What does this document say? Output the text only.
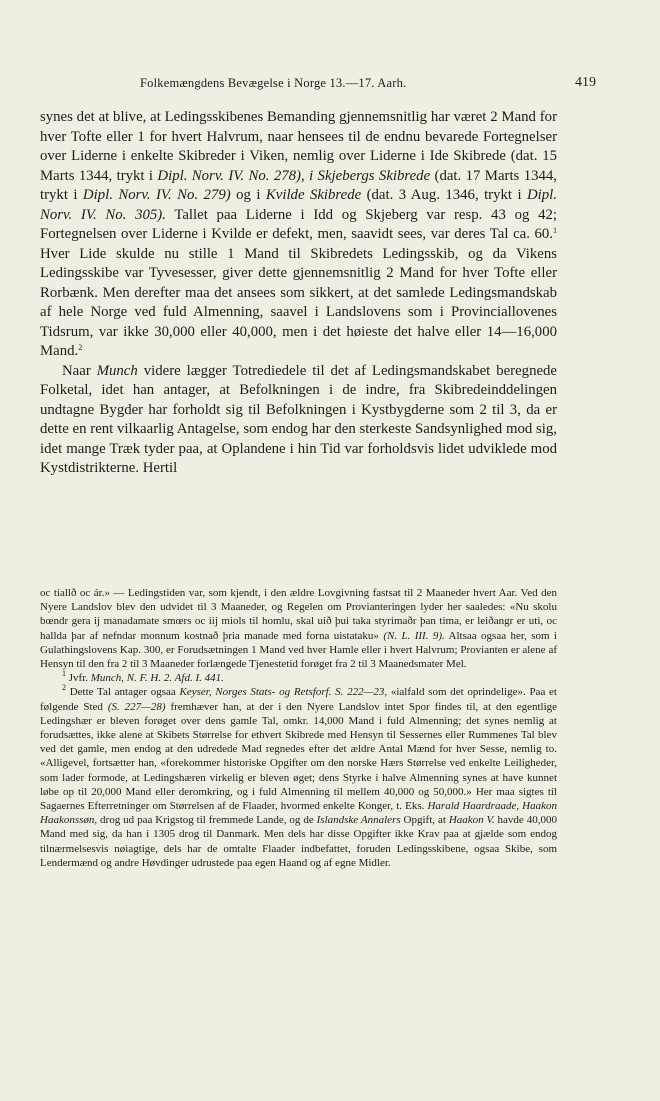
Folkemængdens Bevægelse i Norge 13.—17. Aarh.	419

synes det at blive, at Ledingsskibenes Bemanding gjennemsnitlig har været 2 Mand for hver Tofte eller 1 for hvert Halvrum, naar hensees til de endnu bevarede Fortegnelser over Liderne i enkelte Skibreder i Viken, nemlig over Liderne i Ide Skibrede (dat. 15 Marts 1344, trykt i Dipl. Norv. IV. No. 278), i Skjebergs Skibrede (dat. 17 Marts 1344, trykt i Dipl. Norv. IV. No. 279) og i Kvilde Skibrede (dat. 3 Aug. 1346, trykt i Dipl. Norv. IV. No. 305). Tallet paa Liderne i Idd og Skjeberg var resp. 43 og 42; Fortegnelsen over Liderne i Kvilde er defekt, men, saavidt sees, var deres Tal ca. 60.$^1$ Hver Lide skulde nu stille 1 Mand til Skibredets Ledingsskib, og da Vikens Ledingsskibe var Tyvesesser, giver dette gjennemsnitlig 2 Mand for hver Tofte eller Rorbænk. Men derefter maa det ansees som sikkert, at det samlede Ledingsmandskab af hele Norge ved fuld Almenning, saavel i Landslovens som i Provinciallovenes Tidsrum, var ikke 30,000 eller 40,000, men i det høieste det halve eller 14—16,000 Mand.$^2$

Naar Munch videre lægger Totrediedele til det af Ledingsmandskabet beregnede Folketal, idet han antager, at Befolkningen i de indre, fra Skibredeinddelingen undtagne Bygder har forholdt sig til Befolkningen i Kystbygderne som 2 til 3, da er dette en rent vilkaarlig Antagelse, som endog har den sterkeste Sandsynlighed mod sig, idet mange Træk tyder paa, at Oplandene i hin Tid var forholdsvis lidet udviklede mod Kystdistrikterne. Hertil

oc tiallð oc ár.» — Ledingstiden var, som kjendt, i den ældre Lovgivning fastsat til 2 Maaneder hvert Aar. Ved den Nyere Landslov blev den udvidet til 3 Maaneder, og Regelen om Provianteringen lyder her saaledes: «Nu skolu bœndr gera ij manadamate smœrs oc iij miols til homlu, skal uið þui taka styrimaðr þan tima, er leiðangr er uti, oc hallda þar af nefndar monnum kostnað þria manade med forna uistataku» (N. L. III. 9). Altsaa ogsaa her, som i Gulathingslovens Kap. 300, er Forudsætningen 1 Mand ved hver Hamle eller i hvert Halvrum; Provianten er alene af Hensyn til den fra 2 til 3 Maaneder forlængede Tjenestetid forøget fra 2 til 3 Maanedsmater Mel.

$^1$ Jvfr. Munch, N. F. H. 2. Afd. I. 441.

$^2$ Dette Tal antager ogsaa Keyser, Norges Stats- og Retsforf. S. 222—23, «ialfald som det oprindelige». Paa et følgende Sted (S. 227—28) fremhæver han, at der i den Nyere Landslov intet Spor findes til, at den egentlige Ledingshær er bleven forøget over dens gamle Tal, omkr. 14,000 Mand i fuld Almenning; det synes nemlig at forudsættes, ikke alene at Skibets Størrelse for ethvert Skibrede med Hensyn til Sessernes eller Rummenes Tal blev ved det gamle, men endog at den udredede Mad regnedes efter det ældre Antal Mænd for hver Sesse, nemlig to. «Alligevel, fortsætter han, «forekommer historiske Opgifter om den norske Hærs Størrelse ved enkelte Leiligheder, som lader formode, at Ledingshæren virkelig er bleven øget; dens Styrke i halve Almenning synes at have kunnet løbe op til 20,000 Mand eller deromkring, og i fuld Almenning til mellem 40,000 og 50,000.» Her maa sigtes til Sagaernes Efterretninger om Størrelsen af de Flaader, hvormed enkelte Konger, t. Eks. Harald Haardraade, Haakon Haakonssøn, drog ud paa Krigstog til fremmede Lande, og de Islandske Annalers Opgift, at Haakon V. havde 40,000 Mand med sig, da han i 1305 drog til Danmark. Men dels har disse Opgifter ikke Krav paa at gjælde som endog tilnærmelsesvis nøiagtige, dels har de omtalte Flaader indbefattet, foruden Ledingsskibene, ogsaa Skibe, som Lendermænd og andre Høvdinger udrustede paa egen Haand og af egne Midler.
